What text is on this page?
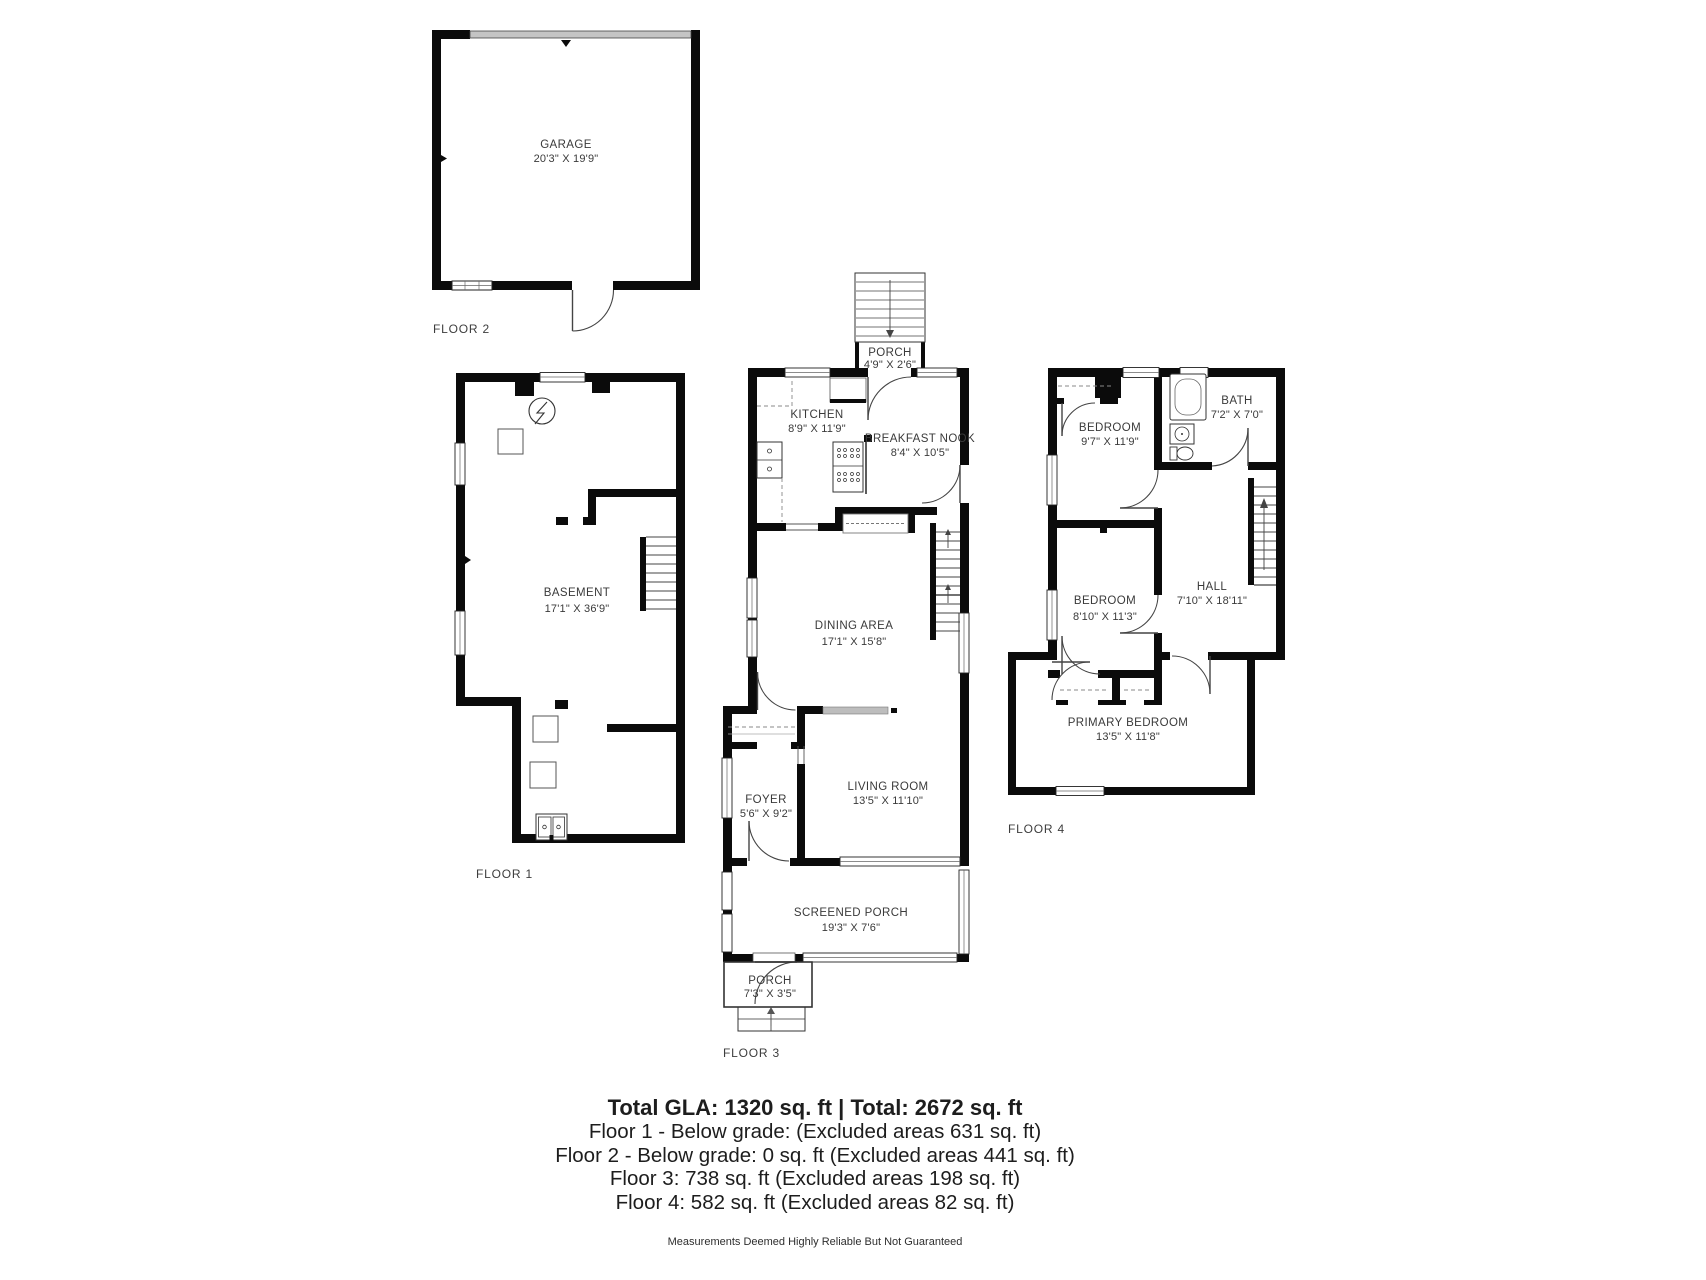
GARAGE
20'3" X 19'9"
FLOOR 2
BASEMENT
17'1" X 36'9"
FLOOR 1
PORCH
4'9" X 2'6"
KITCHEN
8'9" X 11'9"
BREAKFAST NOOK
8'4" X 10'5"
DINING AREA
17'1" X 15'8"
FOYER
5'6" X 9'2"
LIVING ROOM
13'5" X 11'10"
SCREENED PORCH
19'3" X 7'6"
PORCH
7'3" X 3'5"
FLOOR 3
BEDROOM
9'7" X 11'9"
BATH
7'2" X 7'0"
BEDROOM
8'10" X 11'3"
HALL
7'10" X 18'11"
PRIMARY BEDROOM
13'5" X 11'8"
FLOOR 4
Total GLA: 1320 sq. ft | Total: 2672 sq. ft
Floor 1 - Below grade: (Excluded areas 631 sq. ft)
Floor 2 - Below grade: 0 sq. ft (Excluded areas 441 sq. ft)
Floor 3: 738 sq. ft (Excluded areas 198 sq. ft)
Floor 4: 582 sq. ft (Excluded areas 82 sq. ft)
Measurements Deemed Highly Reliable But Not Guaranteed
